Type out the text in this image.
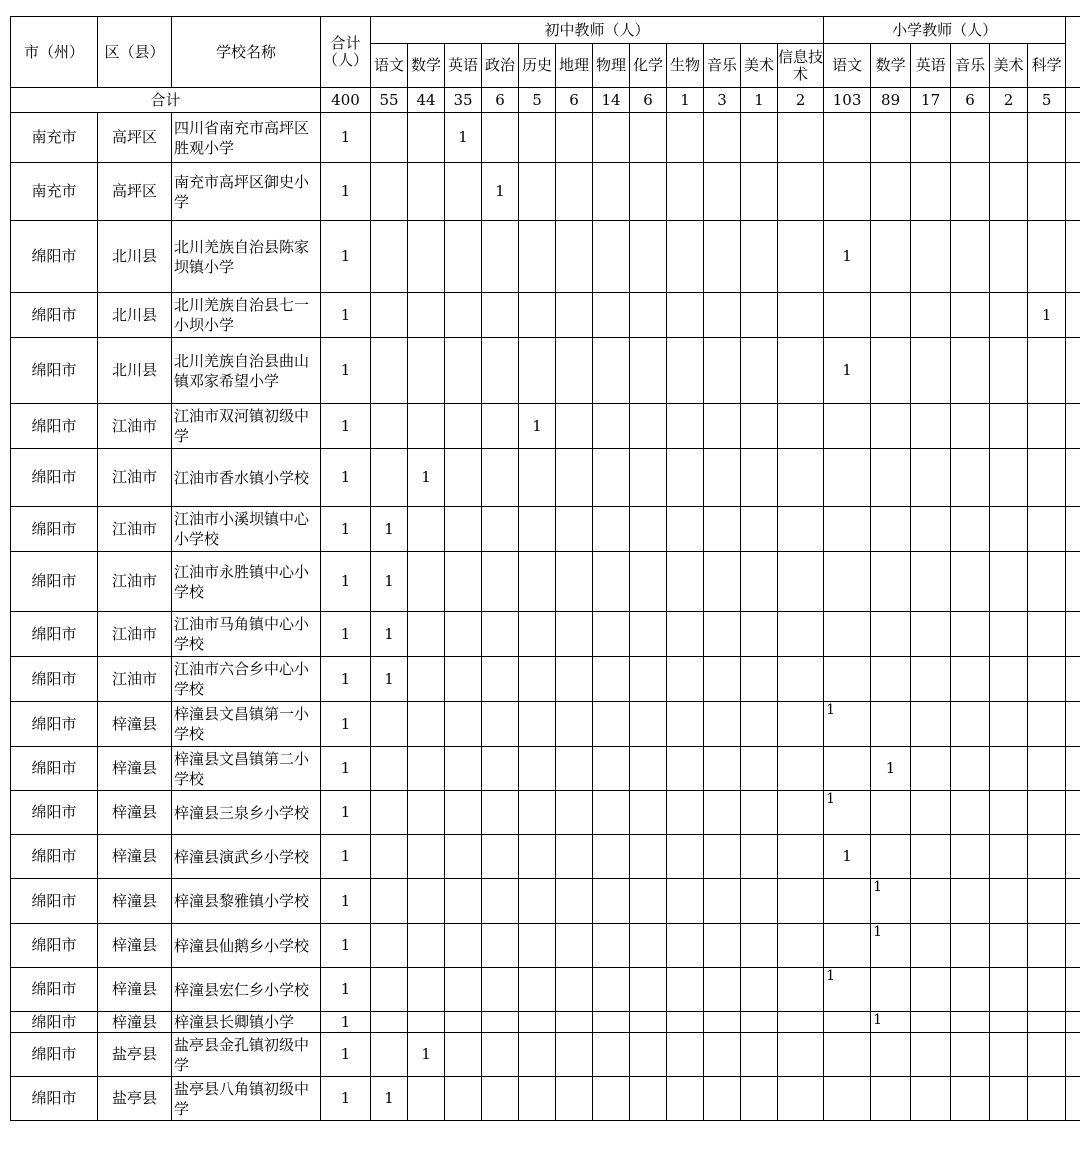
市（州）	区（县）	学校名称	合计（人）	初中教师（人）												小学教师（人）						
				语文	数学	英语	政治	历史	地理	物理	化学	生物	音乐	美术	信息技术	语文	数学	英语	音乐	美术	科学	
合计			400	55	44	35	6	5	6	14	6	1	3	1	2	103	89	17	6	2	5	
南充市	高坪区	四川省南充市高坪区胜观小学	1			1																
南充市	高坪区	南充市高坪区御史小学	1				1															
绵阳市	北川县	北川羌族自治县陈家坝镇小学	1													1						
绵阳市	北川县	北川羌族自治县七一小坝小学	1																		1	
绵阳市	北川县	北川羌族自治县曲山镇邓家希望小学	1													1						
绵阳市	江油市	江油市双河镇初级中学	1					1														
绵阳市	江油市	江油市香水镇小学校	1		1																	
绵阳市	江油市	江油市小溪坝镇中心小学校	1	1																		
绵阳市	江油市	江油市永胜镇中心小学校	1	1																		
绵阳市	江油市	江油市马角镇中心小学校	1	1																		
绵阳市	江油市	江油市六合乡中心小学校	1	1																		
绵阳市	梓潼县	梓潼县文昌镇第一小学校	1													1						
绵阳市	梓潼县	梓潼县文昌镇第二小学校	1														1					
绵阳市	梓潼县	梓潼县三泉乡小学校	1													1						
绵阳市	梓潼县	梓潼县演武乡小学校	1													1						
绵阳市	梓潼县	梓潼县黎雅镇小学校	1														1					
绵阳市	梓潼县	梓潼县仙鹅乡小学校	1														1					
绵阳市	梓潼县	梓潼县宏仁乡小学校	1													1						
绵阳市	梓潼县	梓潼县长卿镇小学	1														1					
绵阳市	盐亭县	盐亭县金孔镇初级中学	1		1																	
绵阳市	盐亭县	盐亭县八角镇初级中学	1	1																		
